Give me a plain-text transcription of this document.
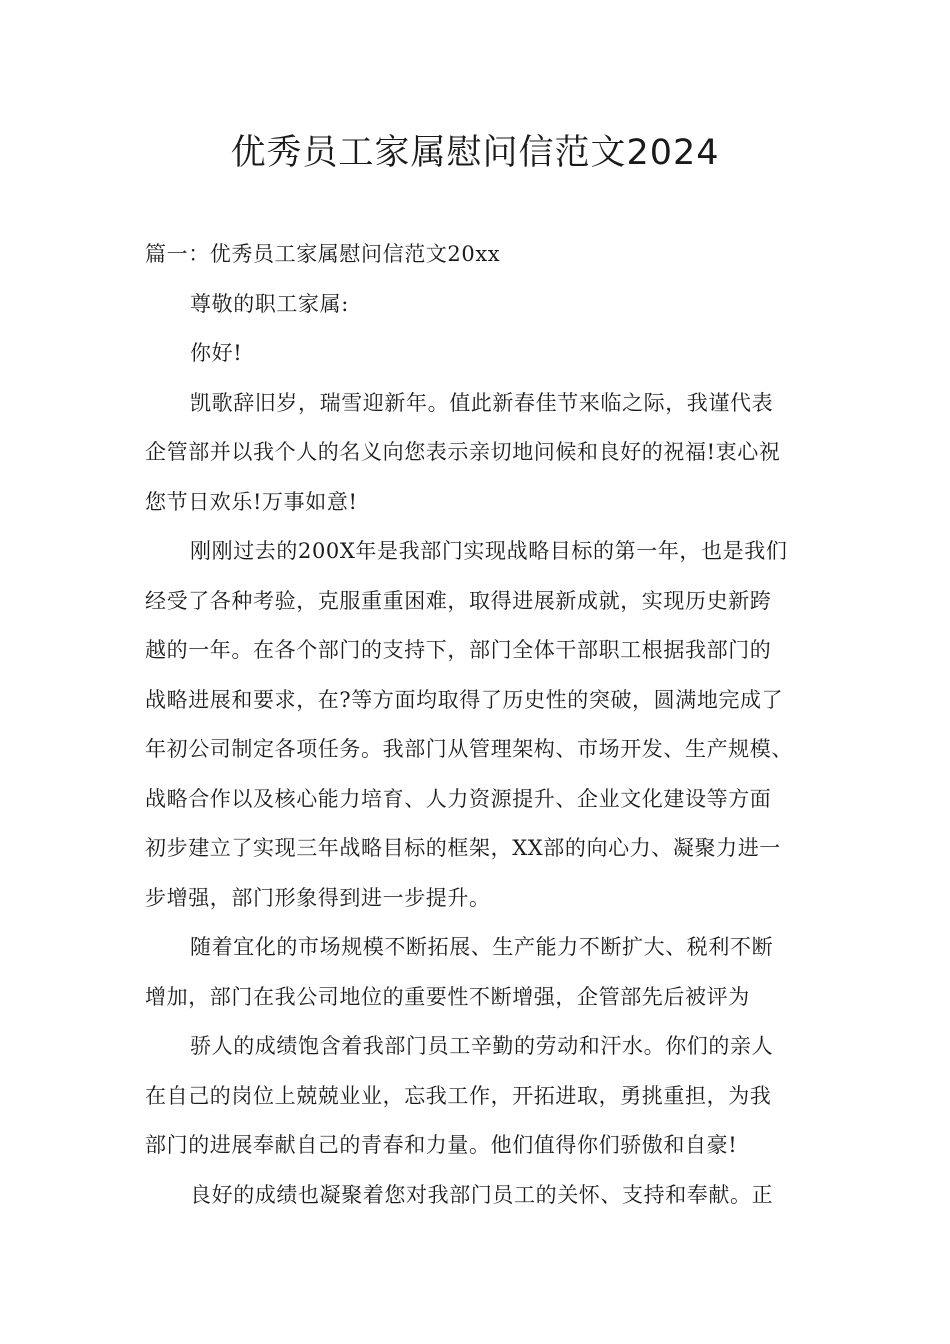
优秀员工家属慰问信范文2024

篇一：优秀员工家属慰问信范文20xx

尊敬的职工家属:

你好!

凯歌辞旧岁，瑞雪迎新年。值此新春佳节来临之际，我谨代表

企管部并以我个人的名义向您表示亲切地问候和良好的祝福!衷心祝

您节日欢乐!万事如意!

刚刚过去的200X年是我部门实现战略目标的第一年，也是我们

经受了各种考验，克服重重困难，取得进展新成就，实现历史新跨

越的一年。在各个部门的支持下，部门全体干部职工根据我部门的

战略进展和要求，在?等方面均取得了历史性的突破，圆满地完成了

年初公司制定各项任务。我部门从管理架构、市场开发、生产规模、

战略合作以及核心能力培育、人力资源提升、企业文化建设等方面

初步建立了实现三年战略目标的框架，XX部的向心力、凝聚力进一

步增强，部门形象得到进一步提升。

随着宜化的市场规模不断拓展、生产能力不断扩大、税利不断

增加，部门在我公司地位的重要性不断增强，企管部先后被评为

骄人的成绩饱含着我部门员工辛勤的劳动和汗水。你们的亲人

在自己的岗位上兢兢业业，忘我工作，开拓进取，勇挑重担，为我

部门的进展奉献自己的青春和力量。他们值得你们骄傲和自豪!

良好的成绩也凝聚着您对我部门员工的关怀、支持和奉献。正
